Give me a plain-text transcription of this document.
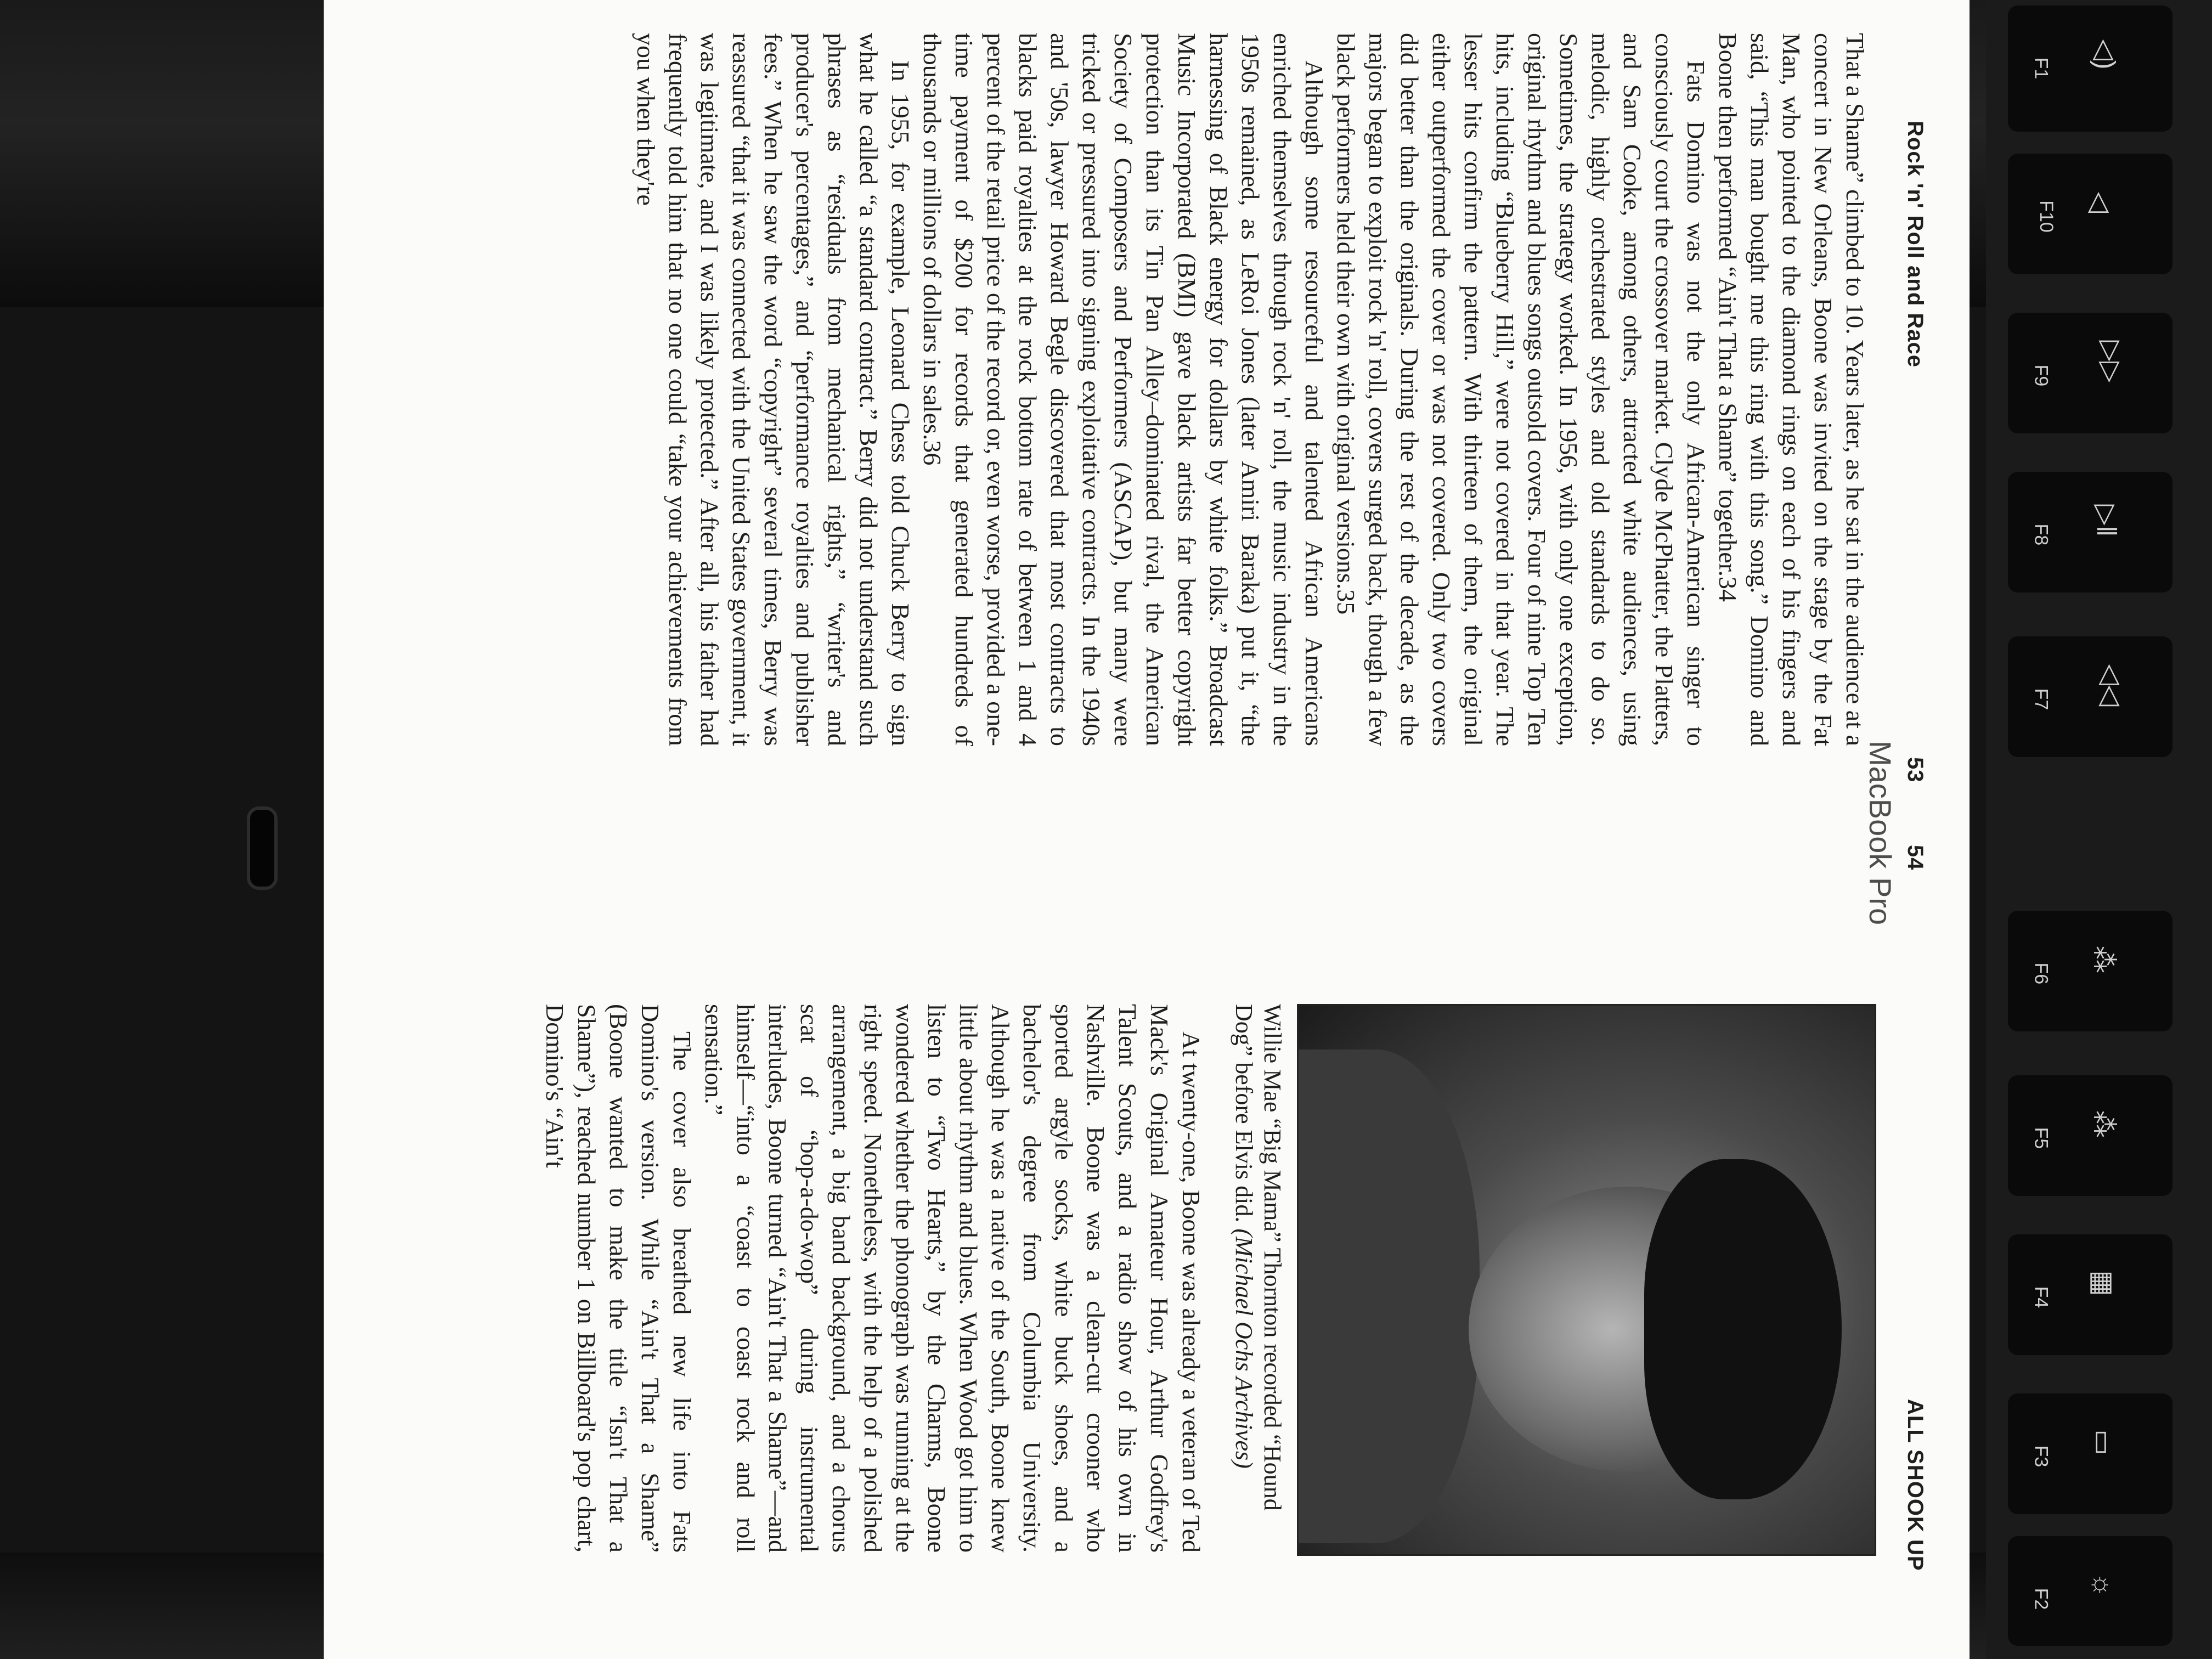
Rock 'n' Roll and Race
53
54
ALL SHOOK UP
Willie Mae “Big Mama” Thornton recorded “Hound Dog” before Elvis did. (Michael Ochs Archives)

At twenty-one, Boone was already a veteran of Ted Mack's Original Amateur Hour, Arthur Godfrey's Talent Scouts, and a radio show of his own in Nashville. Boone was a clean-cut crooner who sported argyle socks, white buck shoes, and a bachelor's degree from Columbia University. Although he was a native of the South, Boone knew little about rhythm and blues. When Wood got him to listen to “Two Hearts,” by the Charms, Boone wondered whether the phonograph was running at the right speed. Nonetheless, with the help of a polished arrangement, a big band background, and a chorus scat of “bop-a-do-wop” during instrumental interludes, Boone turned “Ain't That a Shame”—and himself—“into a “coast to coast rock and roll sensation.”

The cover also breathed new life into Fats Domino's version. While “Ain't That a Shame” (Boone wanted to make the title “Isn't That a Shame”), reached number 1 on Billboard's pop chart, Domino's “Ain't

That a Shame” climbed to 10. Years later, as he sat in the audience at a concert in New Orleans, Boone was invited on the stage by the Fat Man, who pointed to the diamond rings on each of his fingers and said, “This man bought me this ring with this song.” Domino and Boone then performed “Ain't That a Shame” together.34

Fats Domino was not the only African-American singer to consciously court the crossover market. Clyde McPhatter, the Platters, and Sam Cooke, among others, attracted white audiences, using melodic, highly orchestrated styles and old standards to do so. Sometimes, the strategy worked. In 1956, with only one exception, original rhythm and blues songs outsold covers. Four of nine Top Ten hits, including “Blueberry Hill,” were not covered in that year. The lesser hits confirm the pattern. With thirteen of them, the original either outperformed the cover or was not covered. Only two covers did better than the originals. During the rest of the decade, as the majors began to exploit rock 'n' roll, covers surged back, though a few black performers held their own with original versions.35

Although some resourceful and talented African Americans enriched themselves through rock 'n' roll, the music industry in the 1950s remained, as LeRoi Jones (later Amiri Baraka) put it, “the harnessing of Black energy for dollars by white folks.” Broadcast Music Incorporated (BMI) gave black artists far better copyright protection than its Tin Pan Alley–dominated rival, the American Society of Composers and Performers (ASCAP), but many were tricked or pressured into signing exploitative contracts. In the 1940s and '50s, lawyer Howard Begle discovered that most contracts to blacks paid royalties at the rock bottom rate of between 1 and 4 percent of the retail price of the record or, even worse, provided a one-time payment of $200 for records that generated hundreds of thousands or millions of dollars in sales.36

In 1955, for example, Leonard Chess told Chuck Berry to sign what he called “a standard contract.” Berry did not understand such phrases as “residuals from mechanical rights,” “writer's and producer's percentages,” and “performance royalties and publisher fees.” When he saw the word “copyright” several times, Berry was reassured “that it was connected with the United States government, it was legitimate, and I was likely protected.” After all, his father had frequently told him that no one could “take your achievements from you when they're

MacBook Pro
☼
F2
▭
F3
▦
F4
⁂
F5
⁂
F6
◁◁
F7
▷‖
F8
▷▷
F9
◁
F10
◁)
F1
